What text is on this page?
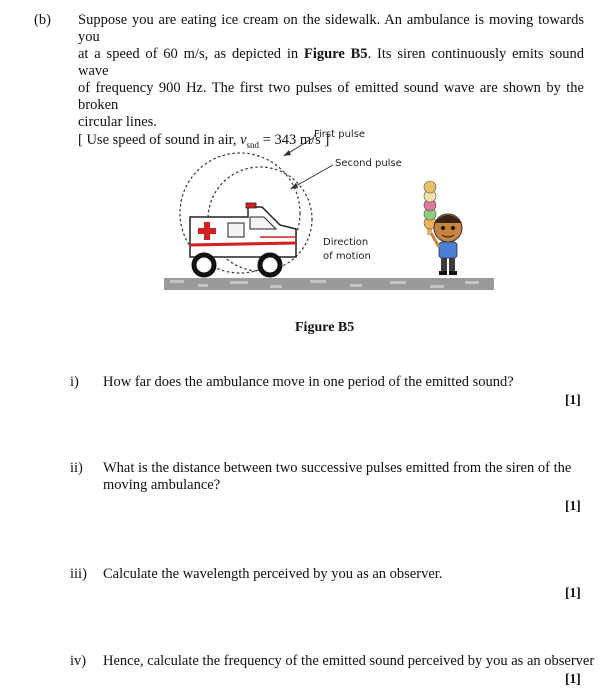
(b) Suppose you are eating ice cream on the sidewalk. An ambulance is moving towards you
at a speed of 60 m/s, as depicted in Figure B5. Its siren continuously emits sound wave
of frequency 900 Hz. The first two pulses of emitted sound wave are shown by the broken
circular lines.
[ Use speed of sound in air, $v_{snd} = 343$ m/s ]
First pulse
Second pulse
Direction
of motion
Figure B5
i) How far does the ambulance move in one period of the emitted sound?
[1]
ii) What is the distance between two successive pulses emitted from the siren of the
moving ambulance?
[1]
iii) Calculate the wavelength perceived by you as an observer.
[1]
iv) Hence, calculate the frequency of the emitted sound perceived by you as an observer
[1]
